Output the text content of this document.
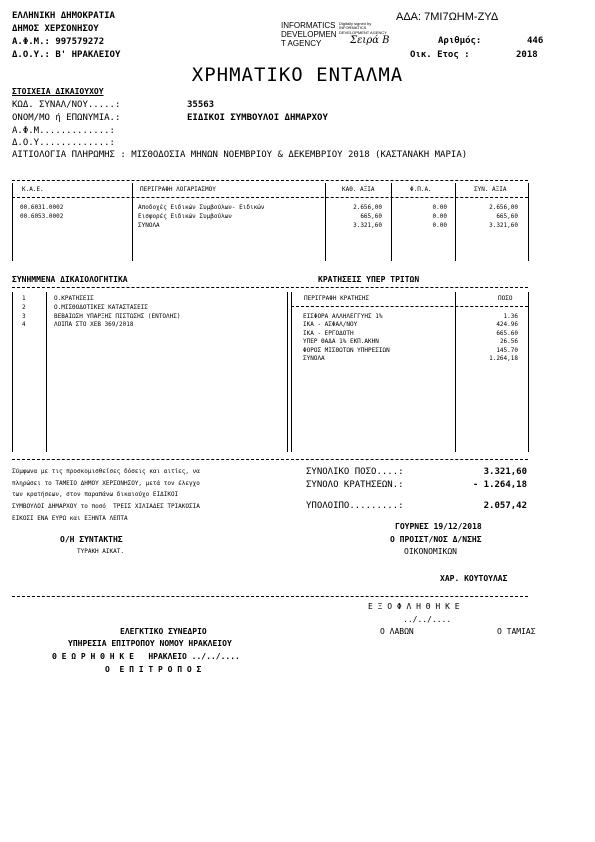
ΕΛΛΗΝΙΚΗ ΔΗΜΟΚΡΑΤΙΑ
ΔΗΜΟΣ ΧΕΡΣΟΝΗΣΟΥ
Α.Φ.Μ.: 997579272
Δ.Ο.Υ.: Β' ΗΡΑΚΛΕΙΟΥ
ΑΔΑ: 7ΜΙ7ΩΗΜ-ΖΥΔ
INFORMATICS
DEVELOPMEN
T AGENCY
Digitally signed by INFORMATICS DEVELOPMENT AGENCY
Σειρά Β	Αριθμός:	446
Οικ. Ετος :	2018
ΧΡΗΜΑΤΙΚΟ ΕΝΤΑΛΜΑ
ΣΤΟΙΧΕΙΑ ΔΙΚΑΙΟΥΧΟΥ
ΚΩΔ. ΣΥΝΑΛ/ΝΟΥ.....:	35563
ΟΝΟΜ/ΜΟ ή ΕΠΩΝΥΜΙΑ.:	ΕΙΔΙΚΟΙ ΣΥΜΒΟΥΛΟΙ ΔΗΜΑΡΧΟΥ
Α.Φ.Μ.............:
Δ.Ο.Υ.............:
ΑΙΤΙΟΛΟΓΙΑ ΠΛΗΡΩΜΗΣ : ΜΙΣΘΟΔΟΣΙΑ ΜΗΝΩΝ ΝΟΕΜΒΡΙΟΥ & ΔΕΚΕΜΒΡΙΟΥ 2018 (ΚΑΣΤΑΝΑΚΗ ΜΑΡΙΑ)
Κ.Α.Ε.	ΠΕΡΙΓΡΑΦΗ ΛΟΓΑΡΙΑΣΜΟΥ	ΚΑΘ. ΑΞΙΑ	Φ.Π.Α.	ΣΥΝ. ΑΞΙΑ
00.6031.0002	Αποδοχές Ειδικών Συμβούλων- Ειδικών	2.656,00	0.00	2.656,00
00.6053.0002	Εισφορές Ειδικών Συμβούλων	665,60	0.00	665,60
ΣΥΝΟΛΑ	3.321,60	0.00	3.321,60
ΣΥΝΗΜΜΕΝΑ ΔΙΚΑΙΟΛΟΓΗΤΙΚΑ	ΚΡΑΤΗΣΕΙΣ ΥΠΕΡ ΤΡΙΤΩΝ
ΠΕΡΙΓΡΑΦΗ ΚΡΑΤΗΣΗΣ	ΠΟΣΟ
1	Ο.ΚΡΑΤΗΣΕΙΣ
2	Ο.ΜΙΣΘΟΔΟΤΙΚΕΣ ΚΑΤΑΣΤΑΣΕΙΣ
3	ΒΕΒΑΙΩΣΗ ΥΠΑΡΞΗΣ ΠΙΣΤΩΣΗΣ (ΕΝΤΟΛΗΣ)
4	ΛΟΙΠΑ ΣΤΟ ΧΕΒ 369/2018
ΕΙΣΦΟΡΑ ΑΛΛΗΛΕΓΓΥΗΣ 1%	1.36
ΙΚΑ - ΑΣΦΑΛ/ΝΟΥ	424.96
ΙΚΑ - ΕΡΓΟΔΟΤΗ	665.60
ΥΠΕΡ ΘΑΔΑ 1% ΕΚΠ.ΑΚΗΝ	26.56
ΦΟΡΟΣ ΜΙΣΘΩΤΩΝ ΥΠΗΡΕΣΙΩΝ	145.70
ΣΥΝΟΛΑ	1.264,18
Σύμφωνα με τις προσκομισθείσες δόσεις και αιτίες, να
πληρώσει το ΤΑΜΕΙΟ ΔΗΜΟΥ ΧΕΡΣΟΝΗΣΟΥ, μετά τον έλεγχο
των κρατήσεων, στον παραπάνω δικαιούχο ΕΙΔΙΚΟΙ
ΣΥΜΒΟΥΛΟΙ ΔΗΜΑΡΧΟΥ το ποσό  ΤΡΕΙΣ ΧΙΛΙΑΔΕΣ ΤΡΙΑΚΟΣΙΑ
ΕΙΚΟΣΙ ΕΝΑ ΕΥΡΩ και ΕΞΗΝΤΑ ΛΕΠΤΑ
ΣΥΝΟΛΙΚΟ ΠΟΣΟ....:	3.321,60
ΣΥΝΟΛΟ ΚΡΑΤΗΣΕΩΝ.:	- 1.264,18
ΥΠΟΛΟΙΠΟ.........:	2.057,42
ΓΟΥΡΝΕΣ 19/12/2018
Ο/Η ΣΥΝΤΑΚΤΗΣ
ΤΥΡΑΚΗ ΑΙΚΑΤ.
Ο ΠΡΟΙΣΤ/ΝΟΣ Δ/ΝΣΗΣ
ΟΙΚΟΝΟΜΙΚΩΝ
ΧΑΡ. ΚΟΥΤΟΥΛΑΣ
Ε Ξ Ο Φ Λ Η Θ Η Κ Ε
../../....
Ο ΛΑΒΩΝ	Ο ΤΑΜΙΑΣ
ΕΛΕΓΚΤΙΚΟ ΣΥΝΕΔΡΙΟ
ΥΠΗΡΕΣΙΑ ΕΠΙΤΡΟΠΟΥ ΝΟΜΟΥ ΗΡΑΚΛΕΙΟΥ
Θ Ε Ω Ρ Η Θ Η Κ Ε   ΗΡΑΚΛΕΙΟ ../../....
Ο  Ε Π Ι Τ Ρ Ο Π Ο Σ
